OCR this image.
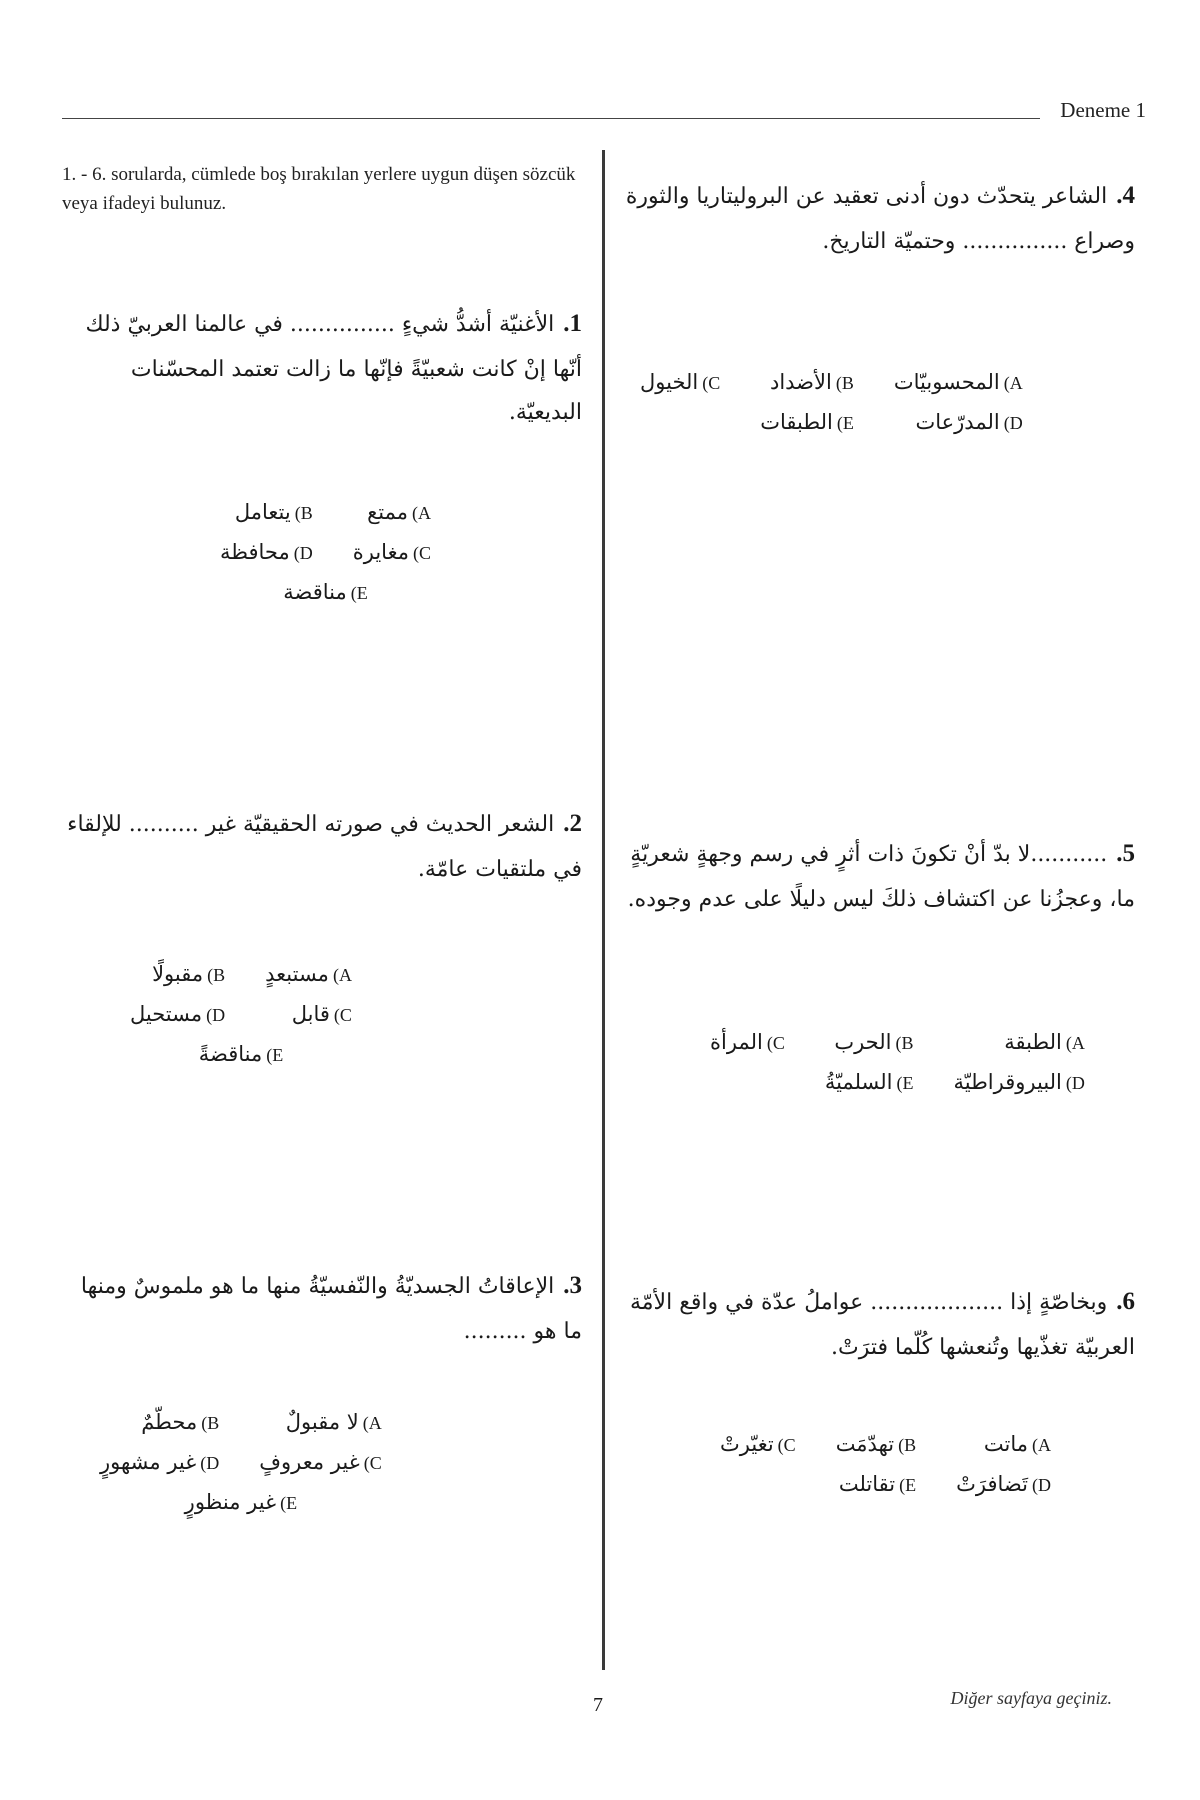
Deneme 1
1. - 6. sorularda, cümlede boş bırakılan yerlere uygun düşen sözcük veya ifadeyi bulunuz.
1. الأغنيّة أشدُّ شيءٍ ............... في عالمنا العربيّ ذلك أنّها إنْ كانت شعبيّةً فإنّها ما زالت تعتمد المحسّنات البديعيّة.
A)ممتع
B)يتعامل
C)مغايرة
D)محافظة
E)مناقضة
2. الشعر الحديث في صورته الحقيقيّة غير .......... للإلقاء في ملتقيات عامّة.
A)مستبعدٍ
B)مقبولًا
C)قابل
D)مستحيل
E)مناقضةً
3. الإعاقاتُ الجسديّةُ والنّفسيّةُ منها ما هو ملموسٌ ومنها ما هو .........
A)لا مقبولٌ
B)محطّمٌ
C)غير معروفٍ
D)غير مشهورٍ
E)غير منظورٍ
4. الشاعر يتحدّث دون أدنى تعقيد عن البروليتاريا والثورة وصراع ............... وحتميّة التاريخ.
A)المحسوبيّات
B)الأضداد
C)الخيول
D)المدرّعات
E)الطبقات
5. ...........لا بدّ أنْ تكونَ ذات أثرٍ في رسم وجهةٍ شعريّةٍ ما، وعجزُنا عن اكتشاف ذلكَ ليس دليلًا على عدم وجوده.
A)الطبقة
B)الحرب
C)المرأة
D)البيروقراطيّة
E)السلميّةُ
6. وبخاصّةٍ إذا ................... عواملُ عدّة في واقع الأمّة العربيّة تغذّيها وتُنعشها كُلّما فترَتْ.
A)ماتت
B)تهدّمَت
C)تغيّرتْ
D)تَضافرَتْ
E)تقاتلت
7	Diğer sayfaya geçiniz.
